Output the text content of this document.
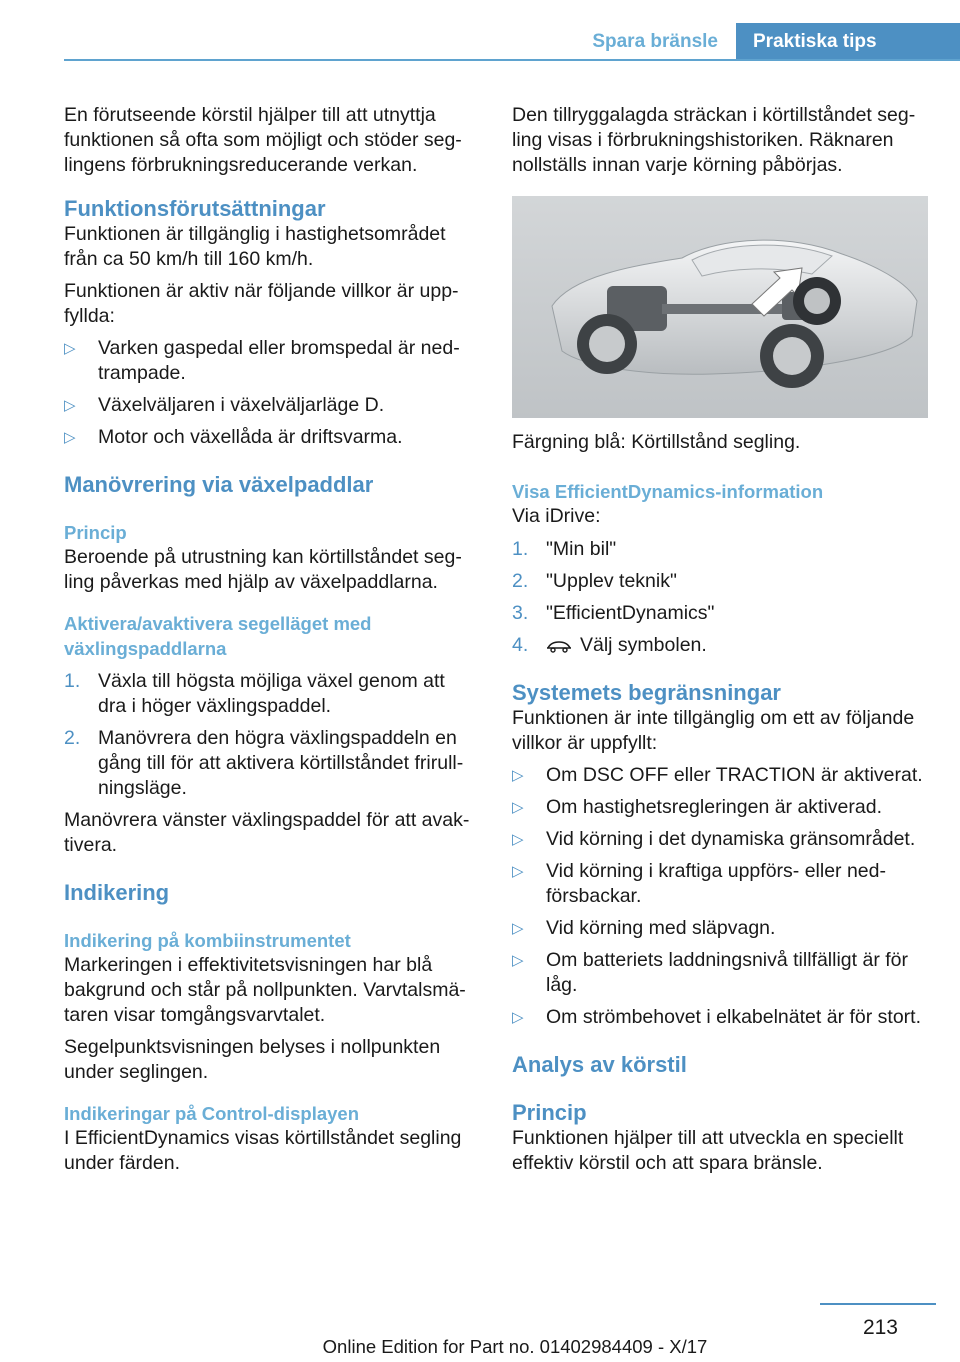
Spara bränsle	Praktiska tips

En förutseende körstil hjälper till att utnyttja funktionen så ofta som möjligt och stöder seglingens förbrukningsreducerande verkan.

Funktionsförutsättningar

Funktionen är tillgänglig i hastighetsområdet från ca 50 km/h till 160 km/h.

Funktionen är aktiv när följande villkor är uppfyllda:

▷ Varken gaspedal eller bromspedal är nedtrampade.
▷ Växelväljaren i växelväljarläge D.
▷ Motor och växellåda är driftsvarma.
Manövrering via växelpaddlar
Princip

Beroende på utrustning kan körtillståndet segling påverkas med hjälp av växelpaddlarna.

Aktivera/avaktivera segelläget med växlingspaddlarna
1. Växla till högsta möjliga växel genom att dra i höger växlingspaddel.
2. Manövrera den högra växlingspaddeln en gång till för att aktivera körtillståndet frirullningsläge.

Manövrera vänster växlingspaddel för att avaktivera.

Indikering
Indikering på kombiinstrumentet

Markeringen i effektivitetsvisningen har blå bakgrund och står på nollpunkten. Varvtalsmätaren visar tomgångsvarvtalet.

Segelpunktsvisningen belyses i nollpunkten under seglingen.

Indikeringar på Control-displayen

I EfficientDynamics visas körtillståndet segling under färden.

Den tillryggalagda sträckan i körtillståndet segling visas i förbrukningshistoriken. Räknaren nollställs innan varje körning påbörjas.

Färgning blå: Körtillstånd segling.

Visa EfficientDynamics-information

Via iDrive:

1. "Min bil"
2. "Upplev teknik"
3. "EfficientDynamics"
4.	Välj symbolen.
Systemets begränsningar

Funktionen är inte tillgänglig om ett av följande villkor är uppfyllt:

▷ Om DSC OFF eller TRACTION är aktiverat.
▷ Om hastighetsregleringen är aktiverad.
▷ Vid körning i det dynamiska gränsområdet.
▷ Vid körning i kraftiga uppförs- eller nedförsbackar.
▷ Vid körning med släpvagn.
▷ Om batteriets laddningsnivå tillfälligt är för låg.
▷ Om strömbehovet i elkabelnätet är för stort.
Analys av körstil
Princip

Funktionen hjälper till att utveckla en speciellt effektiv körstil och att spara bränsle.

213
Online Edition for Part no. 01402984409 - X/17
